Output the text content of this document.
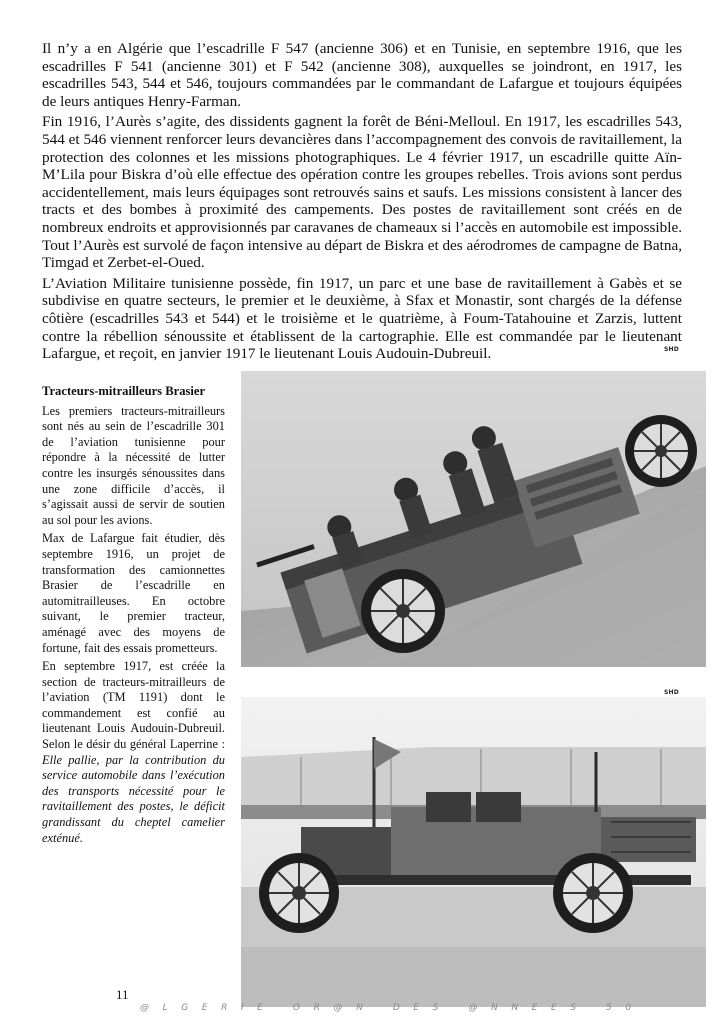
Il n’y a en Algérie que l’escadrille F 547 (ancienne 306) et en Tunisie, en septembre 1916, que les escadrilles F 541 (ancienne 301) et F 542 (ancienne 308), auxquelles se joindront, en 1917, les escadrilles 543, 544 et 546, toujours commandées par le commandant de Lafargue et toujours équipées de leurs antiques Henry-Farman.

Fin 1916, l’Aurès s’agite, des dissidents gagnent la forêt de Béni-Melloul. En 1917, les escadrilles 543, 544 et 546 viennent renforcer leurs devancières dans l’accompagnement des convois de ravitaillement, la protection des colonnes et les missions photographiques. Le 4 février 1917, un escadrille quitte Aïn-M’Lila pour Biskra d’où elle effectue des opération contre les groupes rebelles. Trois avions sont perdus accidentellement, mais leurs équipages sont retrouvés sains et saufs. Les missions consistent à lancer des tracts et des bombes à proximité des campements. Des postes de ravitaillement sont créés en de nombreux endroits et approvisionnés par caravanes de chameaux si l’accès en automobile est impossible. Tout l’Aurès est survolé de façon intensive au départ de Biskra et des aérodromes de campagne de Batna, Timgad et Zerbet-el-Oued.

L’Aviation Militaire tunisienne possède, fin 1917, un parc et une base de ravitaillement à Gabès et se subdivise en quatre secteurs, le premier et le deuxième, à Sfax et Monastir, sont chargés de la défense côtière (escadrilles 543 et 544) et le troisième et le quatrième, à Foum-Tatahouine et Zarzis, luttent contre la rébellion sénoussite et établissent de la cartographie. Elle est commandée par le lieutenant Lafargue, et reçoit, en janvier 1917 le lieutenant Louis Audouin-Dubreuil.	SHD
Tracteurs-mitrailleurs Brasier

Les premiers tracteurs-mitrailleurs sont nés au sein de l’escadrille 301 de l’aviation tunisienne pour répondre à la nécessité de lutter contre les insurgés sénoussites dans une zone difficile d’accès, il s’agissait aussi de servir de soutien au sol pour les avions.

Max de Lafargue fait étudier, dès septembre 1916, un projet de transformation des camionnettes Brasier de l’escadrille en automitrailleuses. En octobre suivant, le premier tracteur, aménagé avec des moyens de fortune, fait des essais prometteurs.

En septembre 1917, est créée la section de tracteurs-mitrailleurs de l’aviation (TM 1191) dont le commandement est confié au lieutenant Louis Audouin-Dubreuil. Selon le désir du général Laperrine : Elle pallie, par la contribution du service automobile dans l’exécution des transports nécessité pour le ravitaillement des postes, le déficit grandissant du cheptel camelier exténué.

SHD
11
@LGERIE OR@N DES @NNEES 50
